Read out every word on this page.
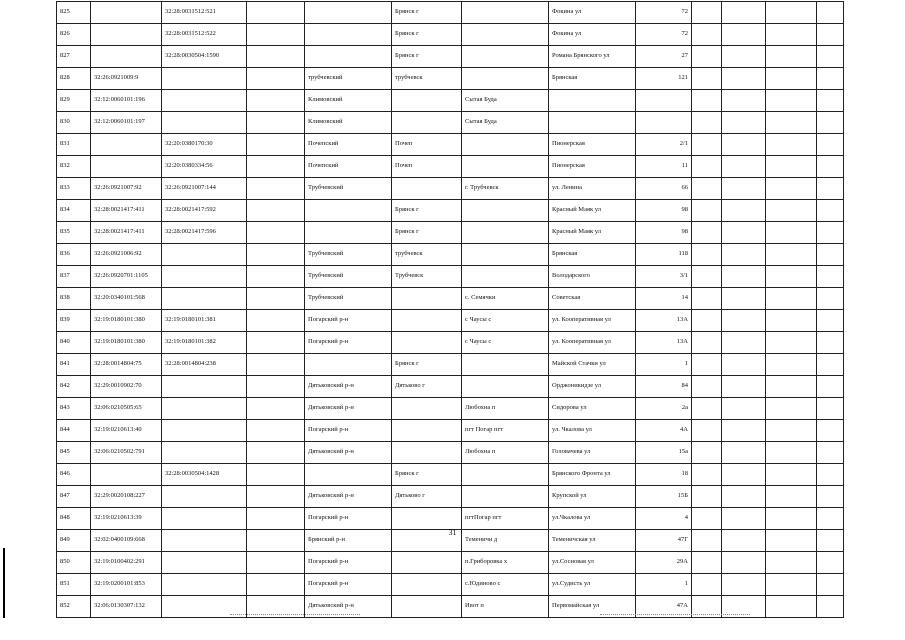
825		32:28:0031512:521			Брянск г		Фокина ул	72				
826		32:28:0031512:522			Брянск г		Фокина ул	72				
827		32:28:0030504:1590			Брянск г		Романа Брянского ул	27				
828	32:26:0921009:9			трубчевский	трубчевск		Брянская	121				
829	32:12:0060101:196			Климовский		Сытая Буда						
830	32:12:0060101:197			Климовский		Сытая Буда						
831		32:20:0380170:30		Почепский	Почеп		Пионерская	2/1				
832		32:20:0380334:56		Почепский	Почеп		Пионерская	11				
833	32:26:0921007:92	32:26:0921007:144		Трубчевский		г. Трубчевск	ул. Ленина	66				
834	32:28:0021417:411	32:28:0021417:592			Брянск г		Красный Маяк ул	98				
835	32:28:0021417:411	32:28:0021417:596			Брянск г		Красный Маяк ул	98				
836	32:26:0921006:92			Трубчевский	трубчевск		Брянская	118				
837	32:26:0920701:1105			Трубчевский	Трубчевск		Володарского	3/1				
838	32:20:0340101:568			Трубчевский		с. Семячки	Советская	14				
839	32:19:0180101:380	32:19:0180101:381		Погарский р-н		с Чаусы с	ул. Кооперативная ул	13А				
840	32:19:0180101:380	32:19:0180101:382		Погарский р-н		с Чаусы с	ул. Кооперативная ул	13А				
841	32:28:0014804:75	32:28:0014804:238			Брянск г		Майской Стачки ул	1				
842	32:29:0010902:70			Дятьковский р-н	Дятьково г		Орджоникидзе ул	84				
843	32:06:0210505:65			Дятьковский р-н		Любохна п	Сидорова ул	2а				
844	32:19:0210613:40			Погарский р-н		пгт Погар пгт	ул. Чкалова ул	4А				
845	32:06:0210502:791			Дятьковский р-н		Любохна п	Головачева ул	15а				
846		32:28:0030504:1428			Брянск г		Брянского Фронта ул	18				
847	32:29:0020108:227			Дятьковский р-н	Дятьково г		Крупской ул	15Б				
848	32:19:0210613:39			Погарский р-н		пгтПогар пгт	ул.Чкалова ул	4				
849	32:02:0400109:668			Брянский р-н		Теменичи д	Теменичская ул	47Г				
850	32:19:0100402:291			Погарский р-н		п.Гриборовка х	ул.Сосновая ул	29А				
851	32:19:0200101:853			Погарский р-н		с.Юдиново с	ул.Судисть ул	1				
852	32:06:0130307:132			Дятьковский р-н		Ивот п	Первомайская ул	47А				
31
